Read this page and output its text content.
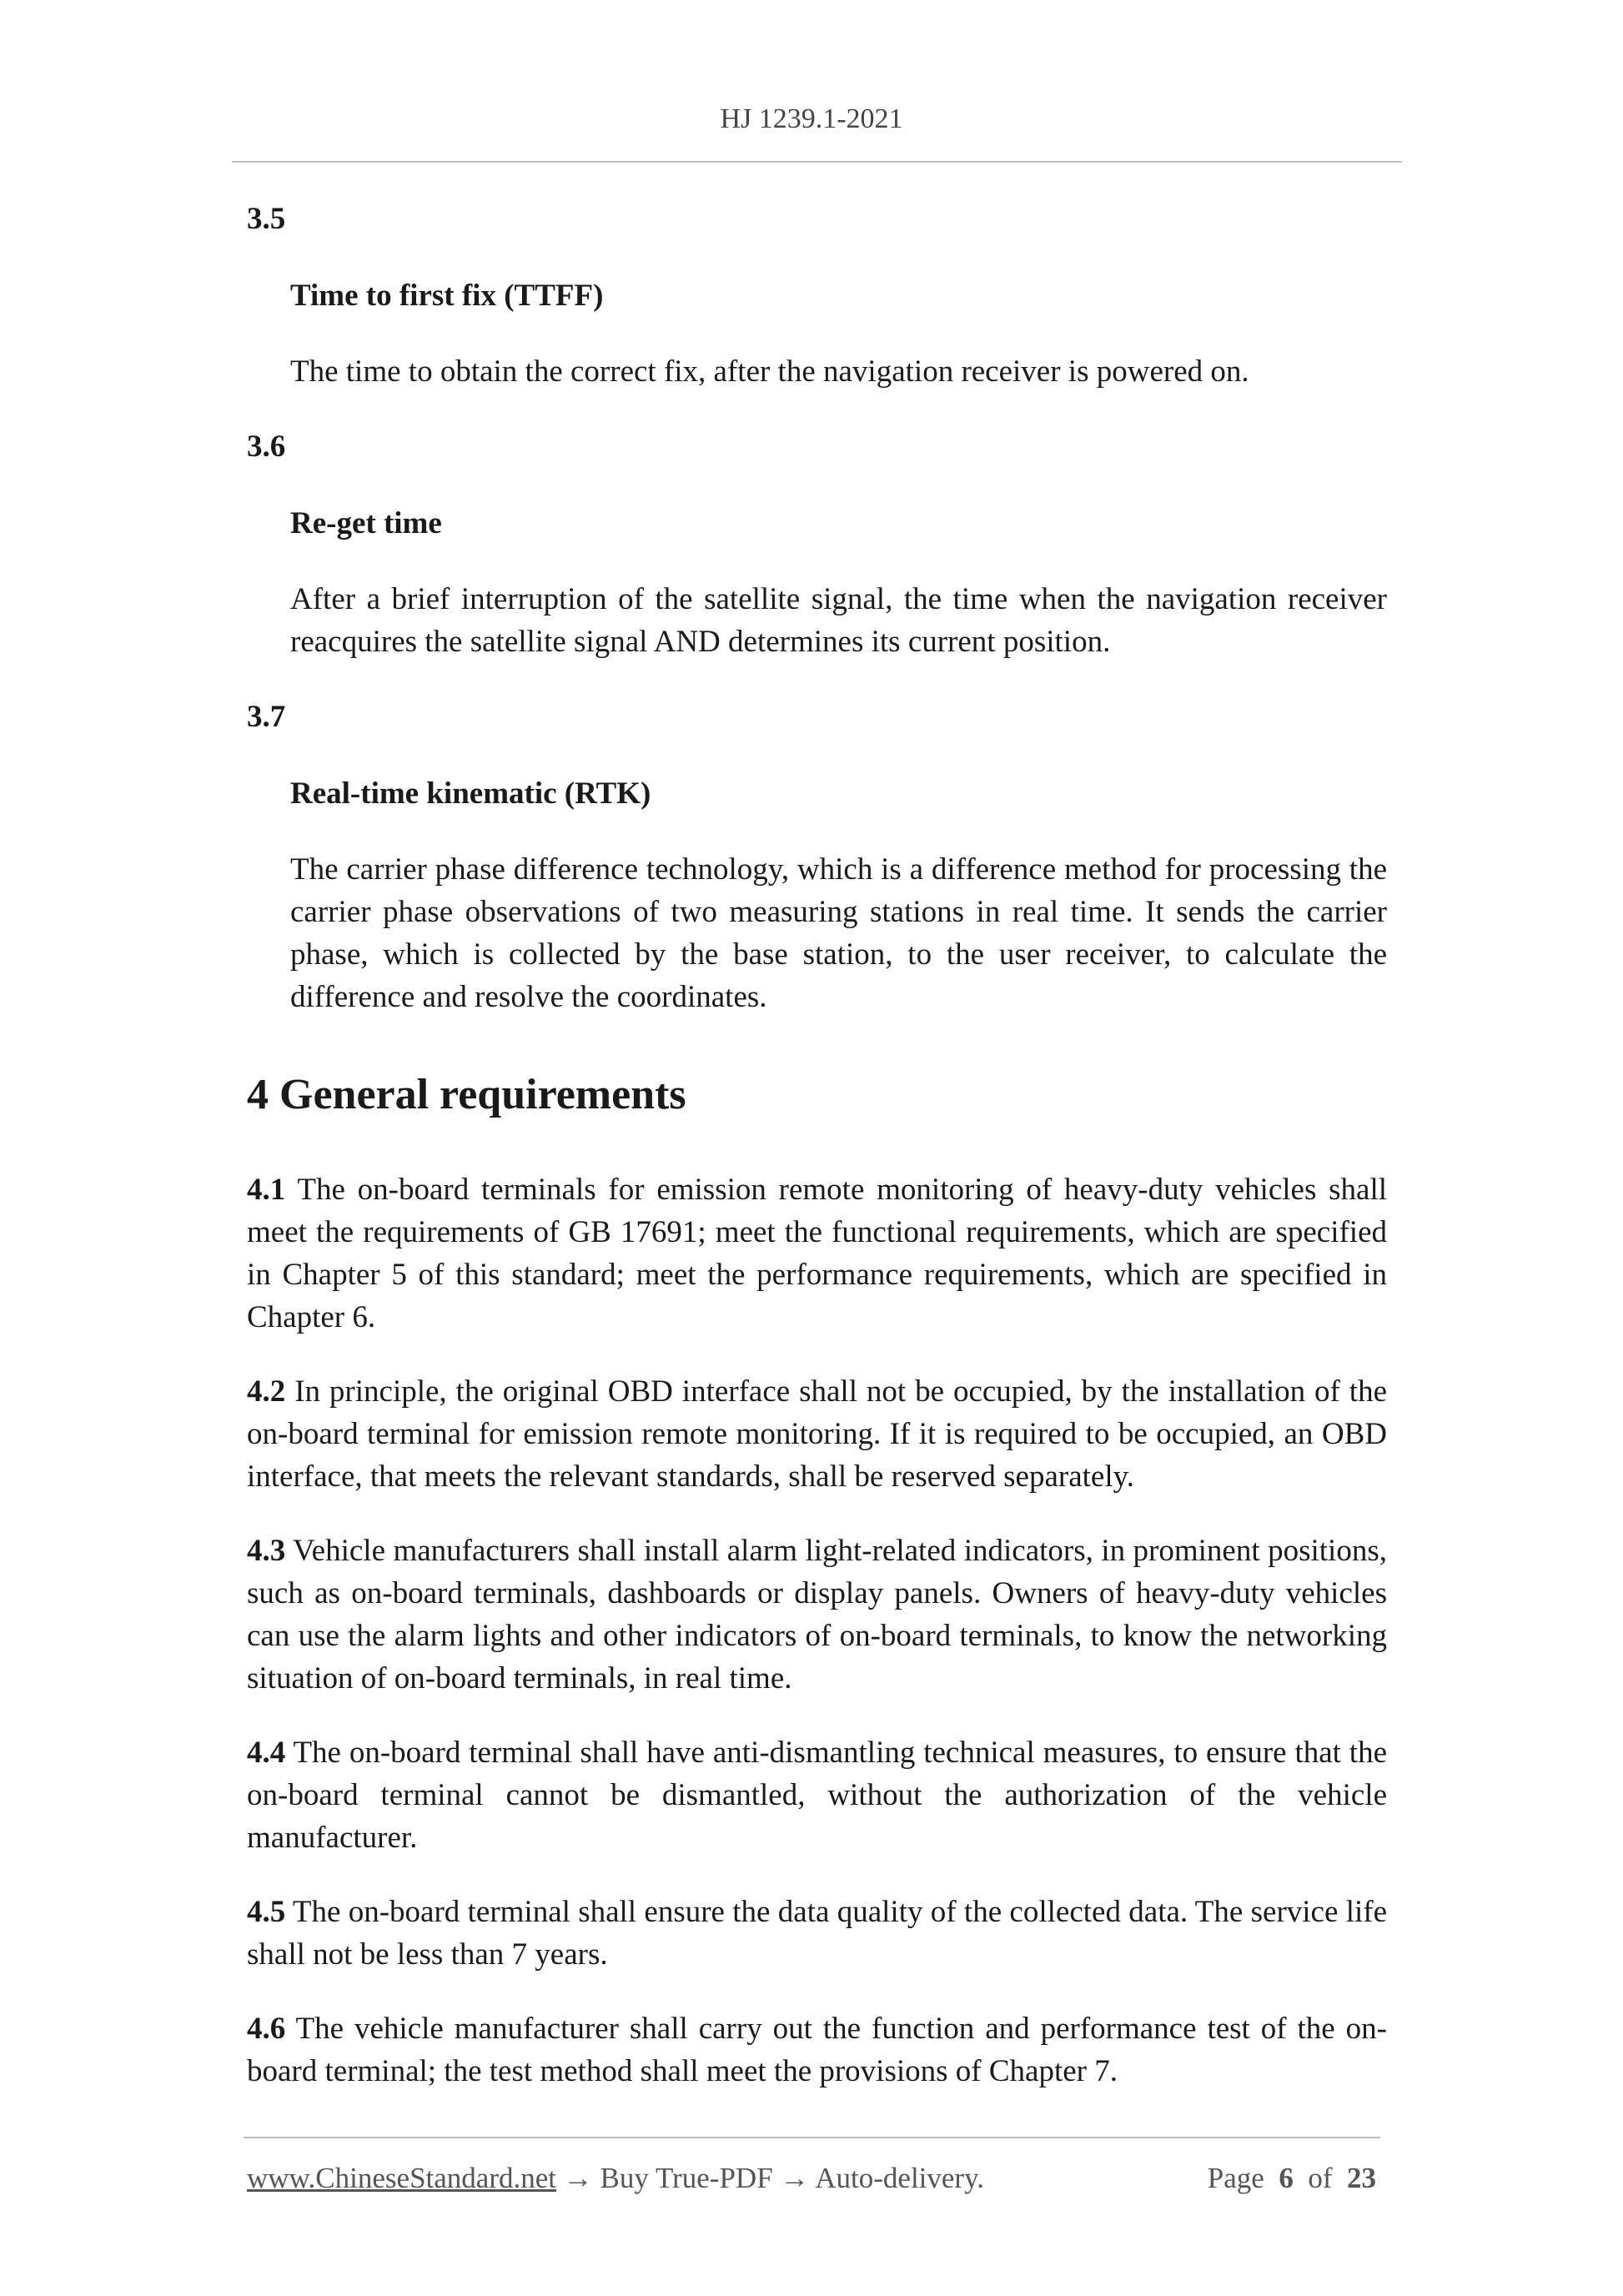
HJ 1239.1-2021
3.5
Time to first fix (TTFF)
The time to obtain the correct fix, after the navigation receiver is powered on.
3.6
Re-get time
After a brief interruption of the satellite signal, the time when the navigation receiver reacquires the satellite signal AND determines its current position.
3.7
Real-time kinematic (RTK)
The carrier phase difference technology, which is a difference method for processing the carrier phase observations of two measuring stations in real time. It sends the carrier phase, which is collected by the base station, to the user receiver, to calculate the difference and resolve the coordinates.
4 General requirements

4.1 The on-board terminals for emission remote monitoring of heavy-duty vehicles shall meet the requirements of GB 17691; meet the functional requirements, which are specified in Chapter 5 of this standard; meet the performance requirements, which are specified in Chapter 6.

4.2 In principle, the original OBD interface shall not be occupied, by the installation of the on-board terminal for emission remote monitoring. If it is required to be occupied, an OBD interface, that meets the relevant standards, shall be reserved separately.

4.3 Vehicle manufacturers shall install alarm light-related indicators, in prominent positions, such as on-board terminals, dashboards or display panels. Owners of heavy-duty vehicles can use the alarm lights and other indicators of on-board terminals, to know the networking situation of on-board terminals, in real time.

4.4 The on-board terminal shall have anti-dismantling technical measures, to ensure that the on-board terminal cannot be dismantled, without the authorization of the vehicle manufacturer.

4.5 The on-board terminal shall ensure the data quality of the collected data. The service life shall not be less than 7 years.

4.6 The vehicle manufacturer shall carry out the function and performance test of the on-board terminal; the test method shall meet the provisions of Chapter 7.

www.ChineseStandard.net → Buy True-PDF → Auto-delivery.	Page 6 of 23
